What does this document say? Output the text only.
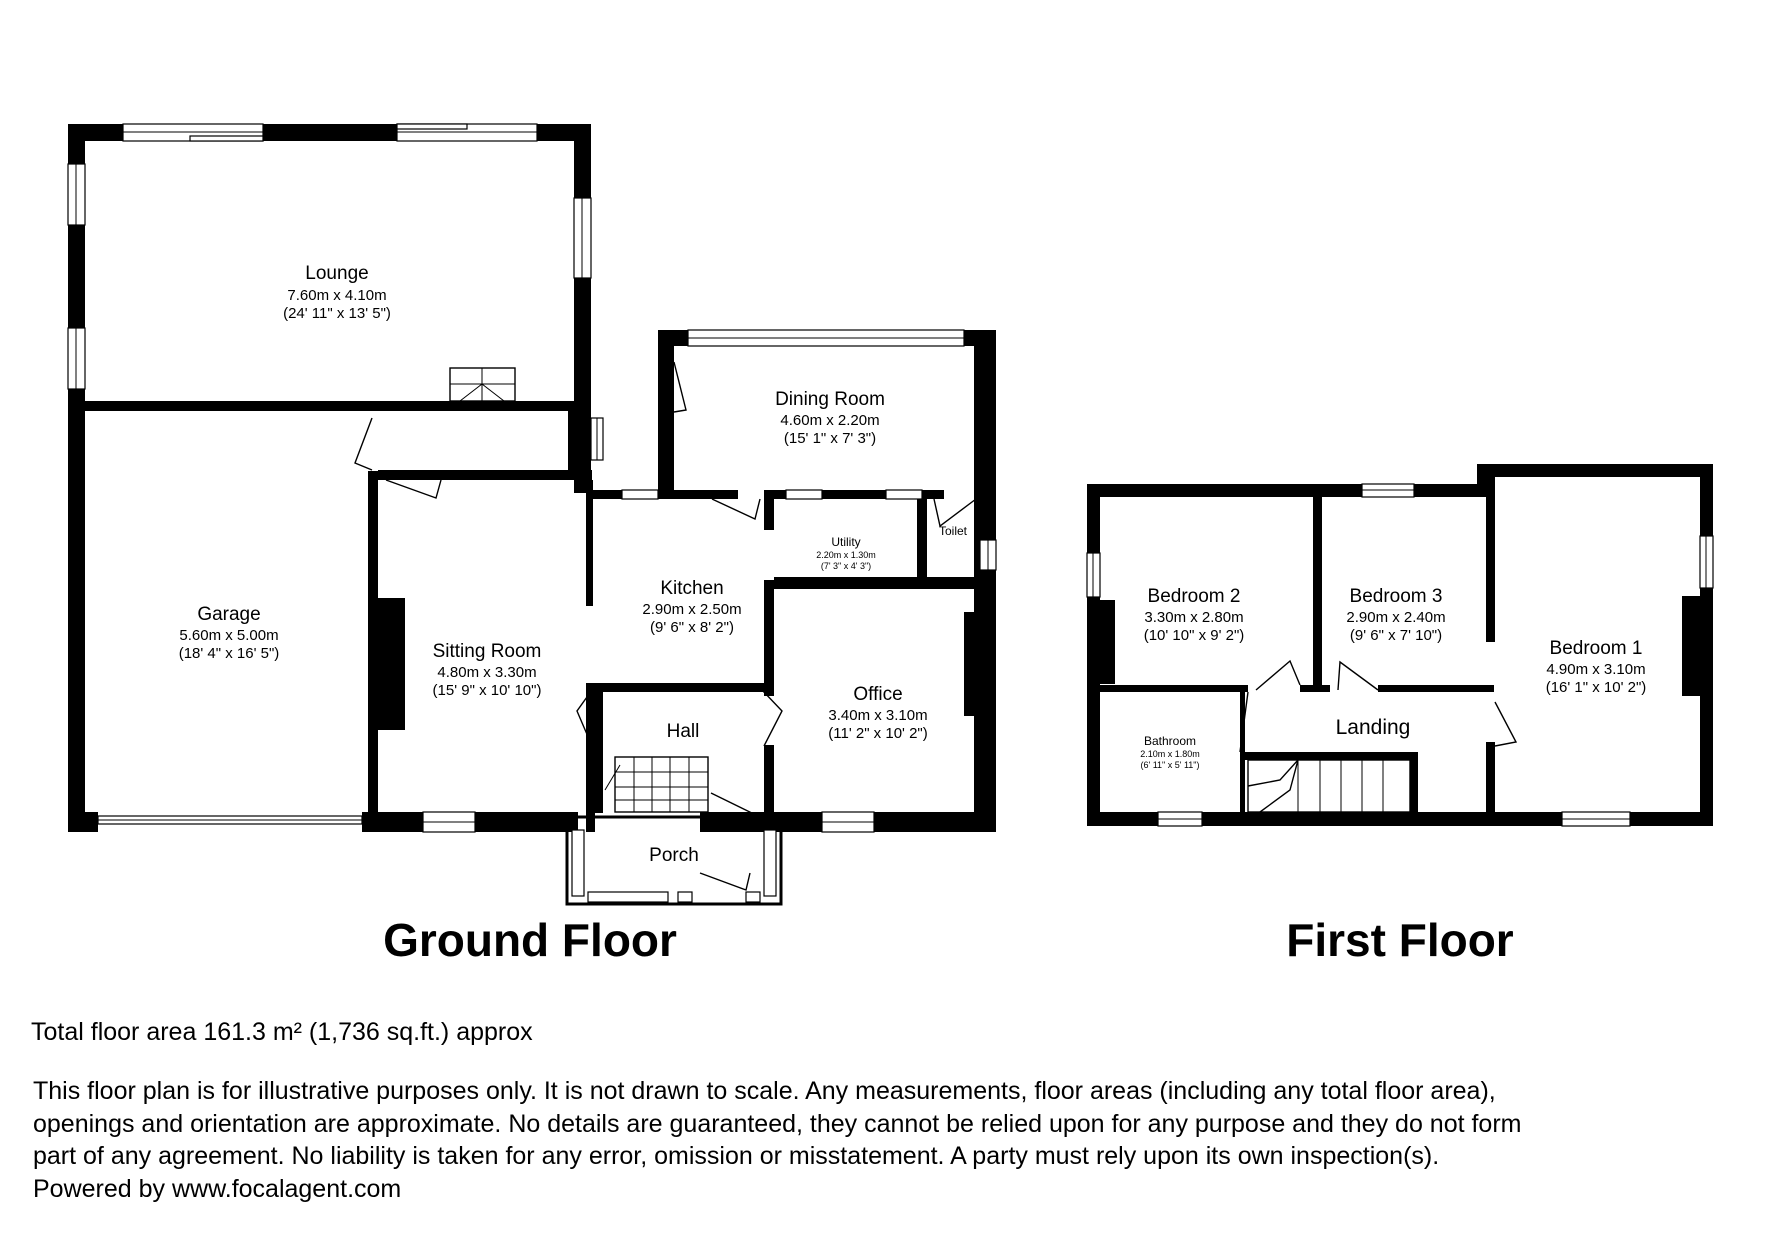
Lounge
7.60m x 4.10m
(24' 11" x 13' 5")
Garage
5.60m x 5.00m
(18' 4" x 16' 5")	Sitting Room
4.80m x 3.30m
(15' 9" x 10' 10")
Dining Room
4.60m x 2.20m
(15' 1" x 7' 3")
Kitchen
2.90m x 2.50m
(9' 6" x 8' 2")
Utility
2.20m x 1.30m
(7' 3" x 4' 3")
Toilet
Office
3.40m x 3.10m
(11' 2" x 10' 2")
Hall
Porch
Bedroom 2
3.30m x 2.80m
(10' 10" x 9' 2")
Bedroom 3
2.90m x 2.40m
(9' 6" x 7' 10")
Bedroom 1
4.90m x 3.10m
(16' 1" x 10' 2")
Bathroom
2.10m x 1.80m
(6' 11" x 5' 11")
Landing
Ground Floor	First Floor
Total floor area 161.3 m² (1,736 sq.ft.) approx
This floor plan is for illustrative purposes only. It is not drawn to scale. Any measurements, floor areas (including any total floor area),
openings and orientation are approximate. No details are guaranteed, they cannot be relied upon for any purpose and they do not form
part of any agreement. No liability is taken for any error, omission or misstatement. A party must rely upon its own inspection(s).
Powered by www.focalagent.com
